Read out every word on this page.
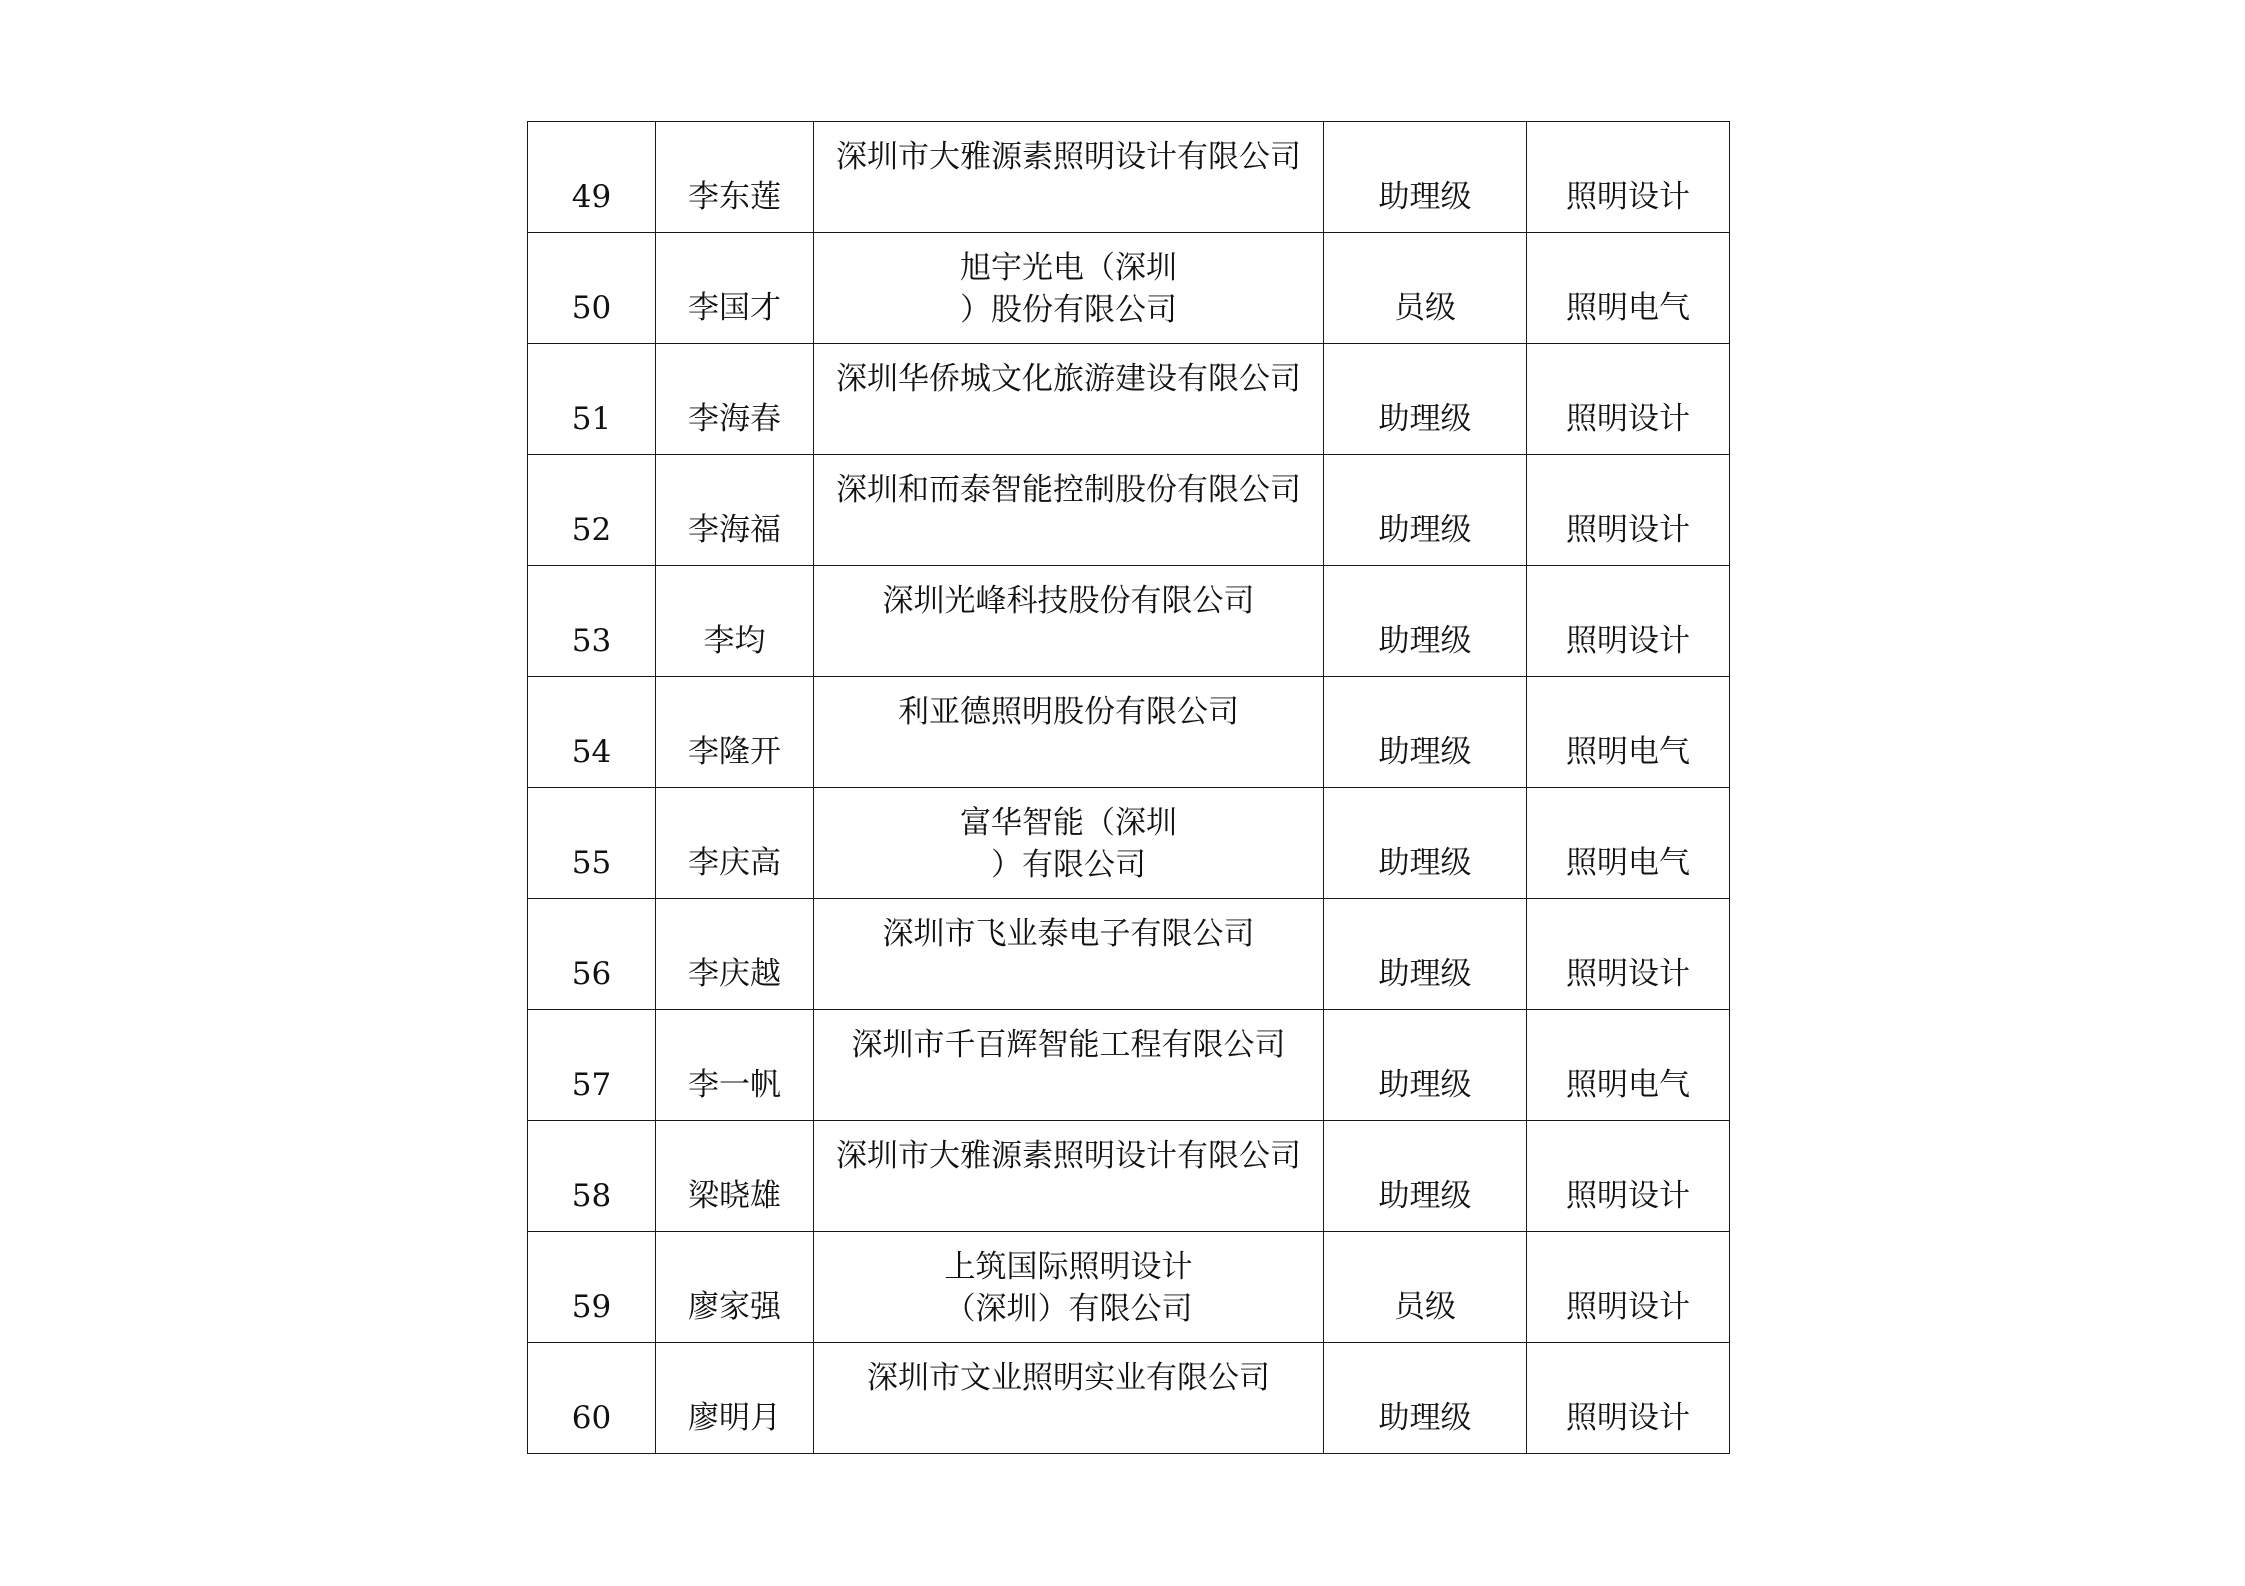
49	李东莲	深圳市大雅源素照明设计有限公司	助理级	照明设计

50	李国才	旭宇光电（深圳
）股份有限公司	员级	照明电气

51	李海春	深圳华侨城文化旅游建设有限公司	助理级	照明设计

52	李海福	深圳和而泰智能控制股份有限公司	助理级	照明设计

53	李均	深圳光峰科技股份有限公司	助理级	照明设计

54	李隆开	利亚德照明股份有限公司	助理级	照明电气

55	李庆高	富华智能（深圳
）有限公司	助理级	照明电气

56	李庆越	深圳市飞业泰电子有限公司	助理级	照明设计

57	李一帆	深圳市千百辉智能工程有限公司	助理级	照明电气

58	梁晓雄	深圳市大雅源素照明设计有限公司	助理级	照明设计

59	廖家强	上筑国际照明设计
（深圳）有限公司	员级	照明设计

60	廖明月	深圳市文业照明实业有限公司	助理级	照明设计
